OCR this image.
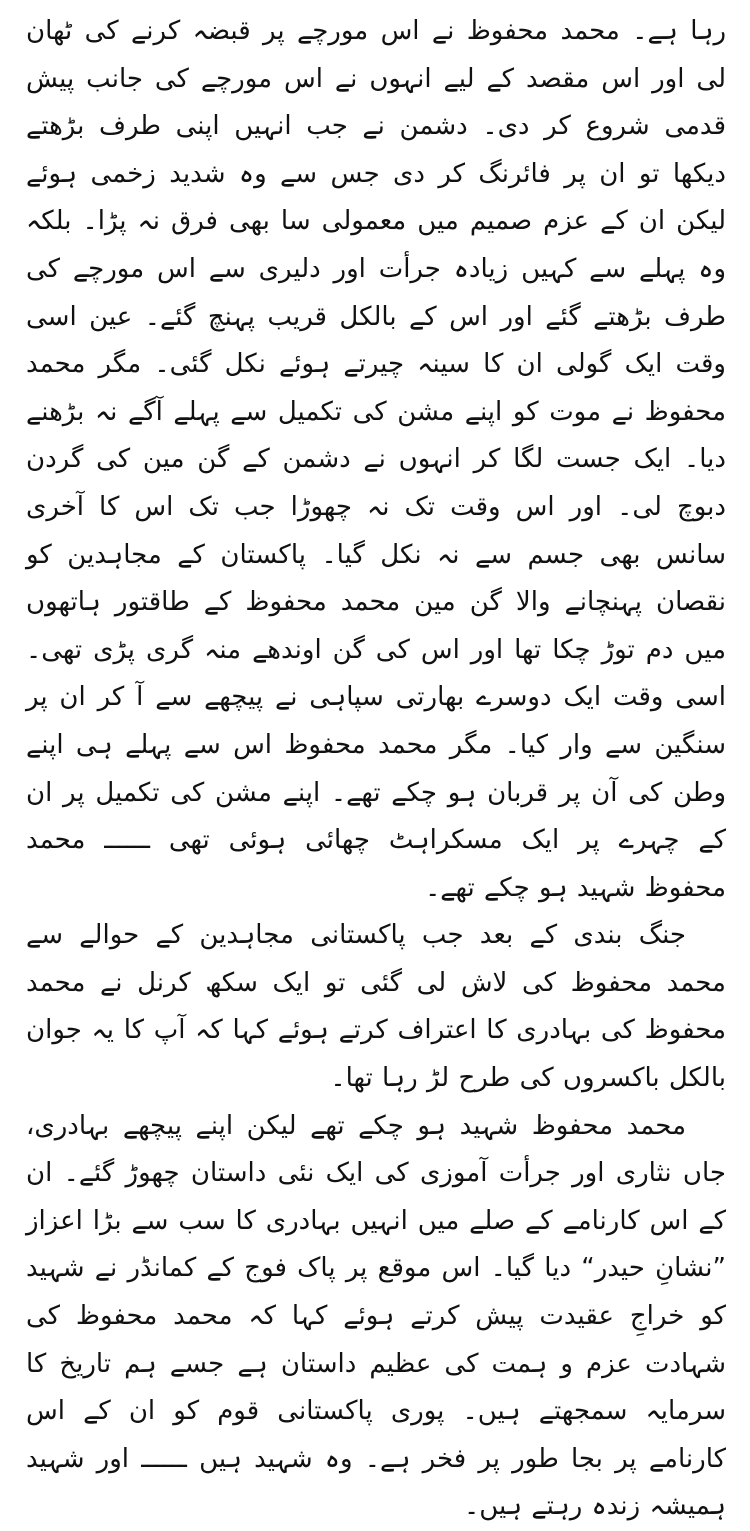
رہا ہے۔ محمد محفوظ نے اس مورچے پر قبضہ کرنے کی ٹھان لی اور اس مقصد کے لیے انہوں نے اس مورچے کی جانب پیش قدمی شروع کر دی۔ دشمن نے جب انہیں اپنی طرف بڑھتے دیکھا تو ان پر فائرنگ کر دی جس سے وہ شدید زخمی ہوئے لیکن ان کے عزم صمیم میں معمولی سا بھی فرق نہ پڑا۔ بلکہ وہ پہلے سے کہیں زیادہ جرأت اور دلیری سے اس مورچے کی طرف بڑھتے گئے اور اس کے بالکل قریب پہنچ گئے۔ عین اسی وقت ایک گولی ان کا سینہ چیرتے ہوئے نکل گئی۔ مگر محمد محفوظ نے موت کو اپنے مشن کی تکمیل سے پہلے آگے نہ بڑھنے دیا۔ ایک جست لگا کر انہوں نے دشمن کے گن مین کی گردن دبوچ لی۔ اور اس وقت تک نہ چھوڑا جب تک اس کا آخری سانس بھی جسم سے نہ نکل گیا۔ پاکستان کے مجاہدین کو نقصان پہنچانے والا گن مین محمد محفوظ کے طاقتور ہاتھوں میں دم توڑ چکا تھا اور اس کی گن اوندھے منہ گری پڑی تھی۔ اسی وقت ایک دوسرے بھارتی سپاہی نے پیچھے سے آ کر ان پر سنگین سے وار کیا۔ مگر محمد محفوظ اس سے پہلے ہی اپنے وطن کی آن پر قربان ہو چکے تھے۔ اپنے مشن کی تکمیل پر ان کے چہرے پر ایک مسکراہٹ چھائی ہوئی تھی ــــــ محمد محفوظ شہید ہو چکے تھے۔

جنگ بندی کے بعد جب پاکستانی مجاہدین کے حوالے سے محمد محفوظ کی لاش لی گئی تو ایک سکھ کرنل نے محمد محفوظ کی بہادری کا اعتراف کرتے ہوئے کہا کہ آپ کا یہ جوان بالکل باکسروں کی طرح لڑ رہا تھا۔

محمد محفوظ شہید ہو چکے تھے لیکن اپنے پیچھے بہادری، جاں نثاری اور جرأت آموزی کی ایک نئی داستان چھوڑ گئے۔ ان کے اس کارنامے کے صلے میں انہیں بہادری کا سب سے بڑا اعزاز ”نشانِ حیدر“ دیا گیا۔ اس موقع پر پاک فوج کے کمانڈر نے شہید کو خراجِ عقیدت پیش کرتے ہوئے کہا کہ محمد محفوظ کی شہادت عزم و ہمت کی عظیم داستان ہے جسے ہم تاریخ کا سرمایہ سمجھتے ہیں۔ پوری پاکستانی قوم کو ان کے اس کارنامے پر بجا طور پر فخر ہے۔ وہ شہید ہیں ــــــ اور شہید ہمیشہ زندہ رہتے ہیں۔
